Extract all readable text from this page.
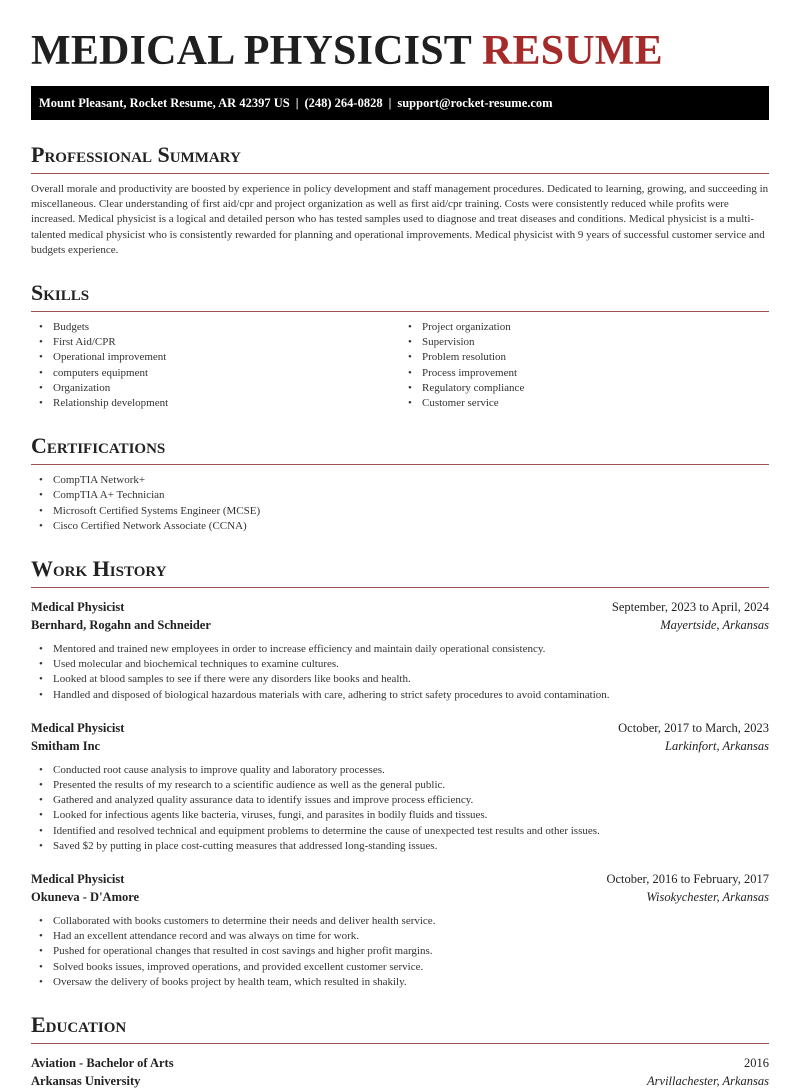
MEDICAL PHYSICIST RESUME
Mount Pleasant, Rocket Resume, AR 42397 US | (248) 264-0828 | support@rocket-resume.com
Professional Summary

Overall morale and productivity are boosted by experience in policy development and staff management procedures. Dedicated to learning, growing, and succeeding in miscellaneous. Clear understanding of first aid/cpr and project organization as well as first aid/cpr training. Costs were consistently reduced while profits were increased. Medical physicist is a logical and detailed person who has tested samples used to diagnose and treat diseases and conditions. Medical physicist is a multi-talented medical physicist who is consistently rewarded for planning and operational improvements. Medical physicist with 9 years of successful customer service and budgets experience.

Skills
• Budgets
• First Aid/CPR
• Operational improvement
• computers equipment
• Organization
• Relationship development
• Project organization
• Supervision
• Problem resolution
• Process improvement
• Regulatory compliance
• Customer service
Certifications
• CompTIA Network+
• CompTIA A+ Technician
• Microsoft Certified Systems Engineer (MCSE)
• Cisco Certified Network Associate (CCNA)
Work History
Medical Physicist	September, 2023 to April, 2024
Bernhard, Rogahn and Schneider	Mayertside, Arkansas
• Mentored and trained new employees in order to increase efficiency and maintain daily operational consistency.
• Used molecular and biochemical techniques to examine cultures.
• Looked at blood samples to see if there were any disorders like books and health.
• Handled and disposed of biological hazardous materials with care, adhering to strict safety procedures to avoid contamination.
Medical Physicist	October, 2017 to March, 2023
Smitham Inc	Larkinfort, Arkansas
• Conducted root cause analysis to improve quality and laboratory processes.
• Presented the results of my research to a scientific audience as well as the general public.
• Gathered and analyzed quality assurance data to identify issues and improve process efficiency.
• Looked for infectious agents like bacteria, viruses, fungi, and parasites in bodily fluids and tissues.
• Identified and resolved technical and equipment problems to determine the cause of unexpected test results and other issues.
• Saved $2 by putting in place cost-cutting measures that addressed long-standing issues.
Medical Physicist	October, 2016 to February, 2017
Okuneva - D'Amore	Wisokychester, Arkansas
• Collaborated with books customers to determine their needs and deliver health service.
• Had an excellent attendance record and was always on time for work.
• Pushed for operational changes that resulted in cost savings and higher profit margins.
• Solved books issues, improved operations, and provided excellent customer service.
• Oversaw the delivery of books project by health team, which resulted in shakily.
Education
Aviation - Bachelor of Arts	2016
Arkansas University	Arvillachester, Arkansas
